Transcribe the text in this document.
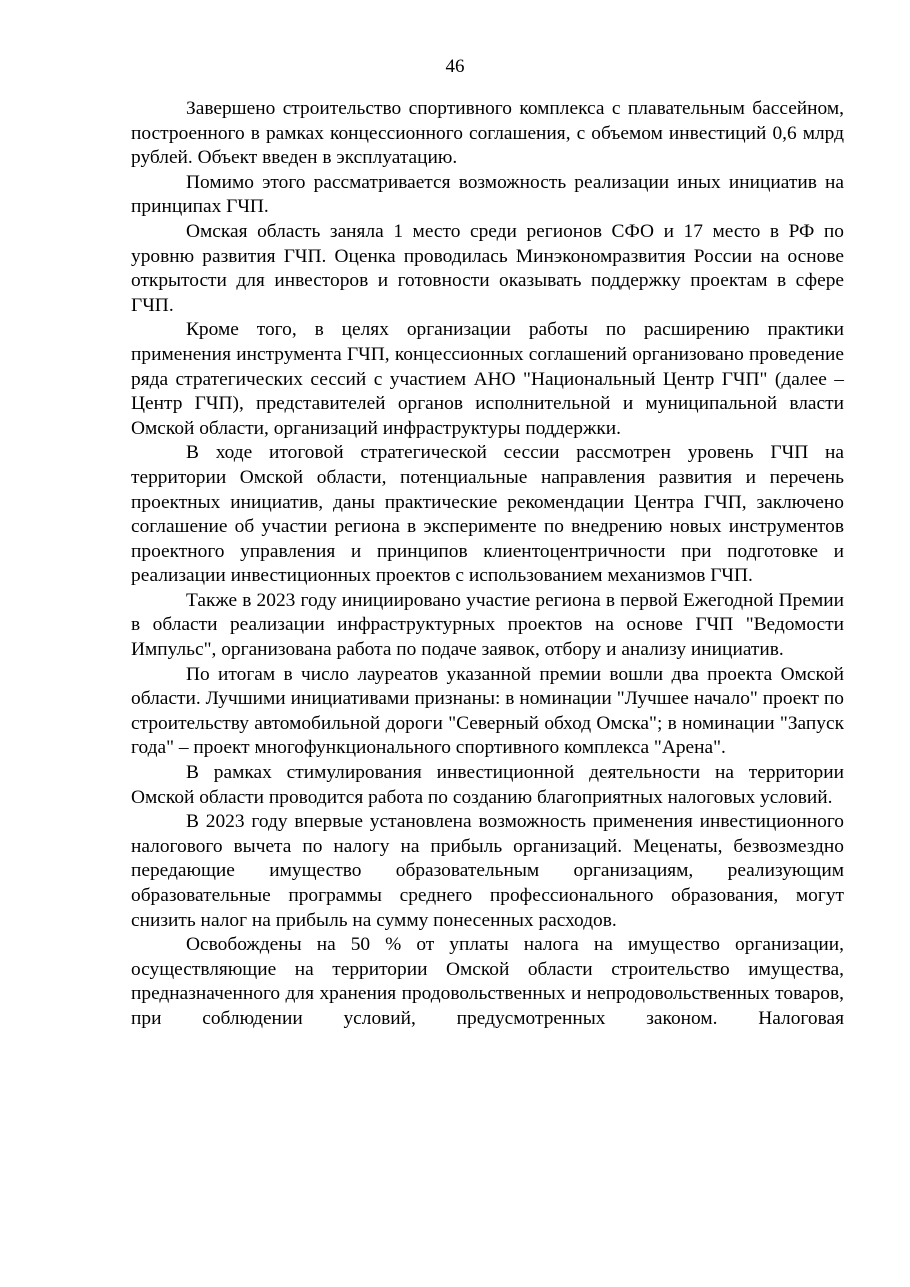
46

Завершено строительство спортивного комплекса с плавательным бассейном, построенного в рамках концессионного соглашения, с объемом инвестиций 0,6 млрд рублей. Объект введен в эксплуатацию.

Помимо этого рассматривается возможность реализации иных инициатив на принципах ГЧП.

Омская область заняла 1 место среди регионов СФО и 17 место в РФ по уровню развития ГЧП. Оценка проводилась Минэкономразвития России на основе открытости для инвесторов и готовности оказывать поддержку проектам в сфере ГЧП.

Кроме того, в целях организации работы по расширению практики применения инструмента ГЧП, концессионных соглашений организовано проведение ряда стратегических сессий с участием АНО "Национальный Центр ГЧП" (далее – Центр ГЧП), представителей органов исполнительной и муниципальной власти Омской области, организаций инфраструктуры поддержки.

В ходе итоговой стратегической сессии рассмотрен уровень ГЧП на территории Омской области, потенциальные направления развития и перечень проектных инициатив, даны практические рекомендации Центра ГЧП, заключено соглашение об участии региона в эксперименте по внедрению новых инструментов проектного управления и принципов клиентоцентричности при подготовке и реализации инвестиционных проектов с использованием механизмов ГЧП.

Также в 2023 году инициировано участие региона в первой Ежегодной Премии в области реализации инфраструктурных проектов на основе ГЧП "Ведомости Импульс", организована работа по подаче заявок, отбору и анализу инициатив.

По итогам в число лауреатов указанной премии вошли два проекта Омской области. Лучшими инициативами признаны: в номинации "Лучшее начало" проект по строительству автомобильной дороги "Северный обход Омска"; в номинации "Запуск года" – проект многофункционального спортивного комплекса "Арена".

В рамках стимулирования инвестиционной деятельности на территории Омской области проводится работа по созданию благоприятных налоговых условий.

В 2023 году впервые установлена возможность применения инвестиционного налогового вычета по налогу на прибыль организаций. Меценаты, безвозмездно передающие имущество образовательным организациям, реализующим образовательные программы среднего профессионального образования, могут снизить налог на прибыль на сумму понесенных расходов.

Освобождены на 50 % от уплаты налога на имущество организации, осуществляющие на территории Омской области строительство имущества, предназначенного для хранения продовольственных и непродовольственных товаров, при соблюдении условий, предусмотренных законом. Налоговая
